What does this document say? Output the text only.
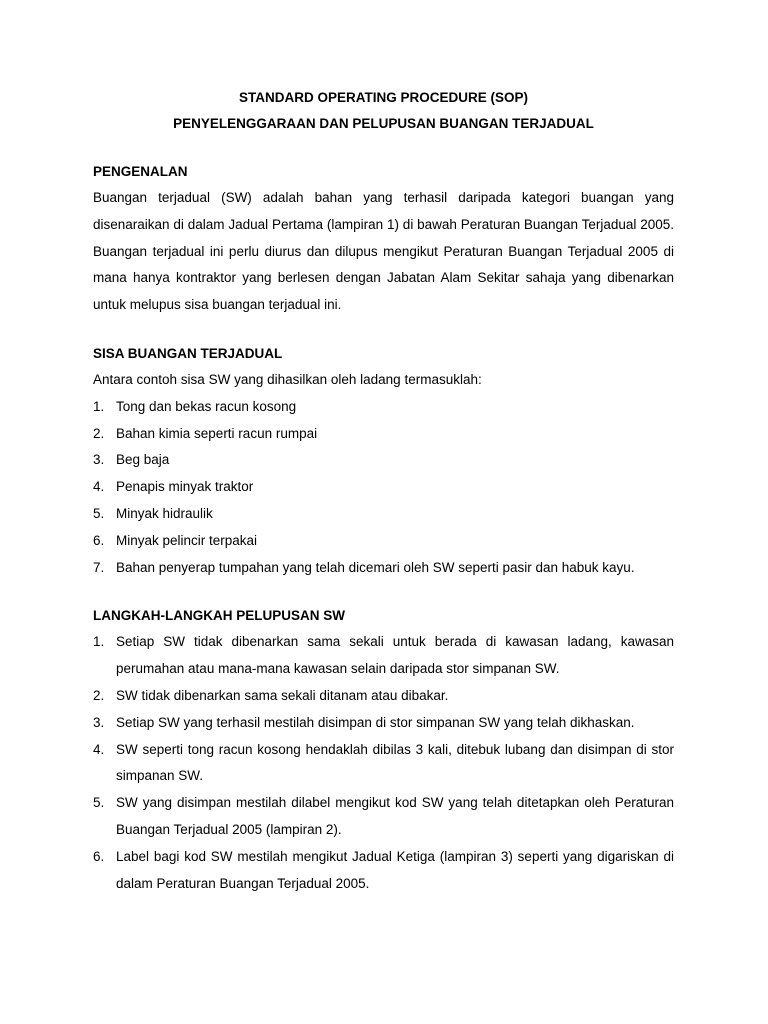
STANDARD OPERATING PROCEDURE (SOP)

PENYELENGGARAAN DAN PELUPUSAN BUANGAN TERJADUAL

PENGENALAN

Buangan terjadual (SW) adalah bahan yang terhasil daripada kategori buangan yang disenaraikan di dalam Jadual Pertama (lampiran 1) di bawah Peraturan Buangan Terjadual 2005. Buangan terjadual ini perlu diurus dan dilupus mengikut Peraturan Buangan Terjadual 2005 di mana hanya kontraktor yang berlesen dengan Jabatan Alam Sekitar sahaja yang dibenarkan untuk melupus sisa buangan terjadual ini.

SISA BUANGAN TERJADUAL

Antara contoh sisa SW yang dihasilkan oleh ladang termasuklah:

1. Tong dan bekas racun kosong
2. Bahan kimia seperti racun rumpai
3. Beg baja
4. Penapis minyak traktor
5. Minyak hidraulik
6. Minyak pelincir terpakai
7. Bahan penyerap tumpahan yang telah dicemari oleh SW seperti pasir dan habuk kayu.

LANGKAH-LANGKAH PELUPUSAN SW

1. Setiap SW tidak dibenarkan sama sekali untuk berada di kawasan ladang, kawasan perumahan atau mana-mana kawasan selain daripada stor simpanan SW.
2. SW tidak dibenarkan sama sekali ditanam atau dibakar.
3. Setiap SW yang terhasil mestilah disimpan di stor simpanan SW yang telah dikhaskan.
4. SW seperti tong racun kosong hendaklah dibilas 3 kali, ditebuk lubang dan disimpan di stor simpanan SW.
5. SW yang disimpan mestilah dilabel mengikut kod SW yang telah ditetapkan oleh Peraturan Buangan Terjadual 2005 (lampiran 2).
6. Label bagi kod SW mestilah mengikut Jadual Ketiga (lampiran 3) seperti yang digariskan di dalam Peraturan Buangan Terjadual 2005.
